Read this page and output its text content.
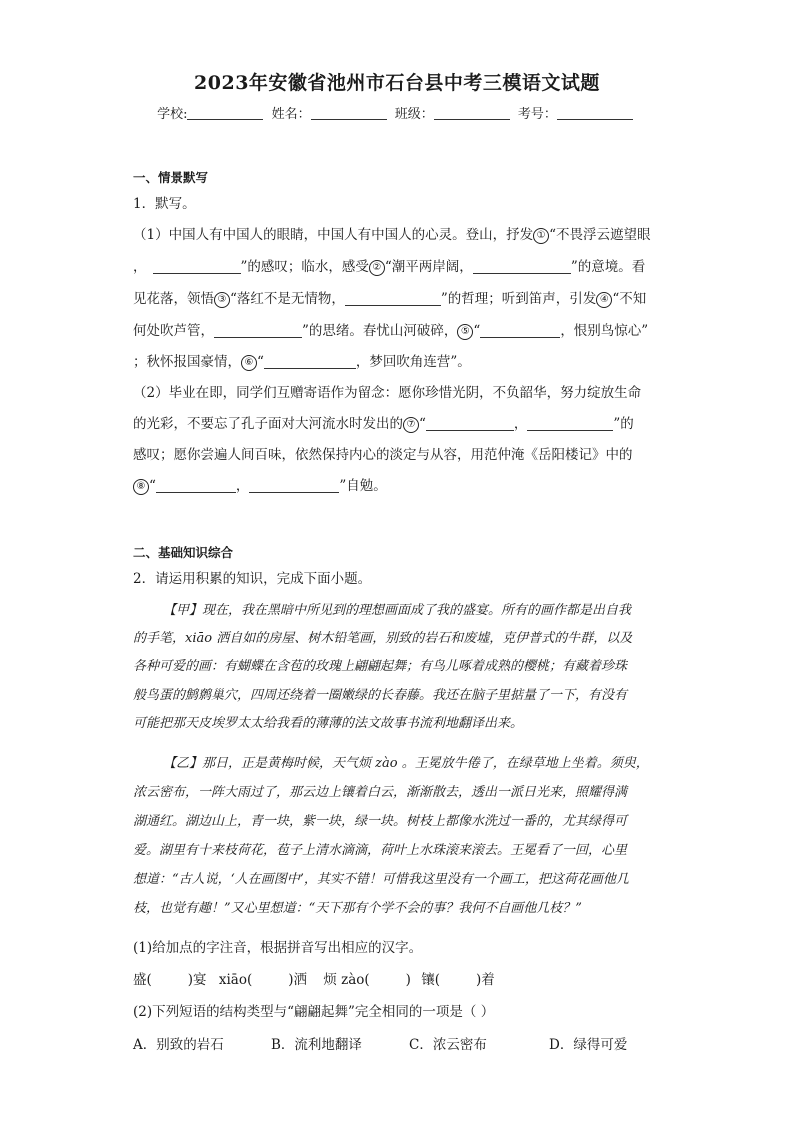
2023年安徽省池州市石台县中考三模语文试题
学校:	姓名：	班级：	考号：
一、情景默写
1．默写。
（1）中国人有中国人的眼睛，中国人有中国人的心灵。登山，抒发 ① “不畏浮云遮望眼
，	”的感叹；临水，感受 ② “潮平两岸阔，	”的意境。看
见花落，领悟 ③ “落红不是无情物，	”的哲理；听到笛声，引发 ④ “不知
何处吹芦管，	”的思绪。春忧山河破碎， ⑤ “	，恨别鸟惊心”
；秋怀报国豪情， ⑥ “	，梦回吹角连营”。
（2）毕业在即，同学们互赠寄语作为留念：愿你珍惜光阴，不负韶华，努力绽放生命
的光彩，不要忘了孔子面对大河流水时发出的 ⑦ “	，	”的
感叹；愿你尝遍人间百味，依然保持内心的淡定与从容，用范仲淹《岳阳楼记》中的
⑧ “	，	”自勉。
二、基础知识综合
2．请运用积累的知识，完成下面小题。
【甲】现在，我在黑暗中所见到的理想画面成了我的盛宴。所有的画作都是出自我
的手笔，xiāo 洒自如的房屋、树木铅笔画，别致的岩石和废墟，克伊普式的牛群，以及
各种可爱的画：有蝴蝶在含苞的玫瑰上翩翩起舞；有鸟儿啄着成熟的樱桃；有藏着珍珠
般鸟蛋的鹪鹩巢穴，四周还绕着一圈嫩绿的长春藤。我还在脑子里掂量了一下，有没有
可能把那天皮埃罗太太给我看的薄薄的法文故事书流利地翻译出来。
【乙】那日，正是黄梅时候，天气烦 zào 。王冕放牛倦了，在绿草地上坐着。须臾，
浓云密布，一阵大雨过了，那云边上镶着白云，渐渐散去，透出一派日光来，照耀得满
湖通红。湖边山上，青一块，紫一块，绿一块。树枝上都像水洗过一番的，尤其绿得可
爱。湖里有十来枝荷花，苞子上清水滴滴，荷叶上水珠滚来滚去。王冕看了一回，心里
想道：“古人说，‘人在画图中’，其实不错！可惜我这里没有一个画工，把这荷花画他几
枝，也觉有趣！”又心里想道：“天下那有个学不会的事？我何不自画他几枝？”
(1)给加点的字注音，根据拼音写出相应的汉字。
盛(	)宴 xiāo(	)洒 烦 zào(	) 镶(	)着
(2)下列短语的结构类型与“翩翩起舞”完全相同的一项是（ ）
A．别致的岩石	B．流利地翻译	C．浓云密布	D．绿得可爱
